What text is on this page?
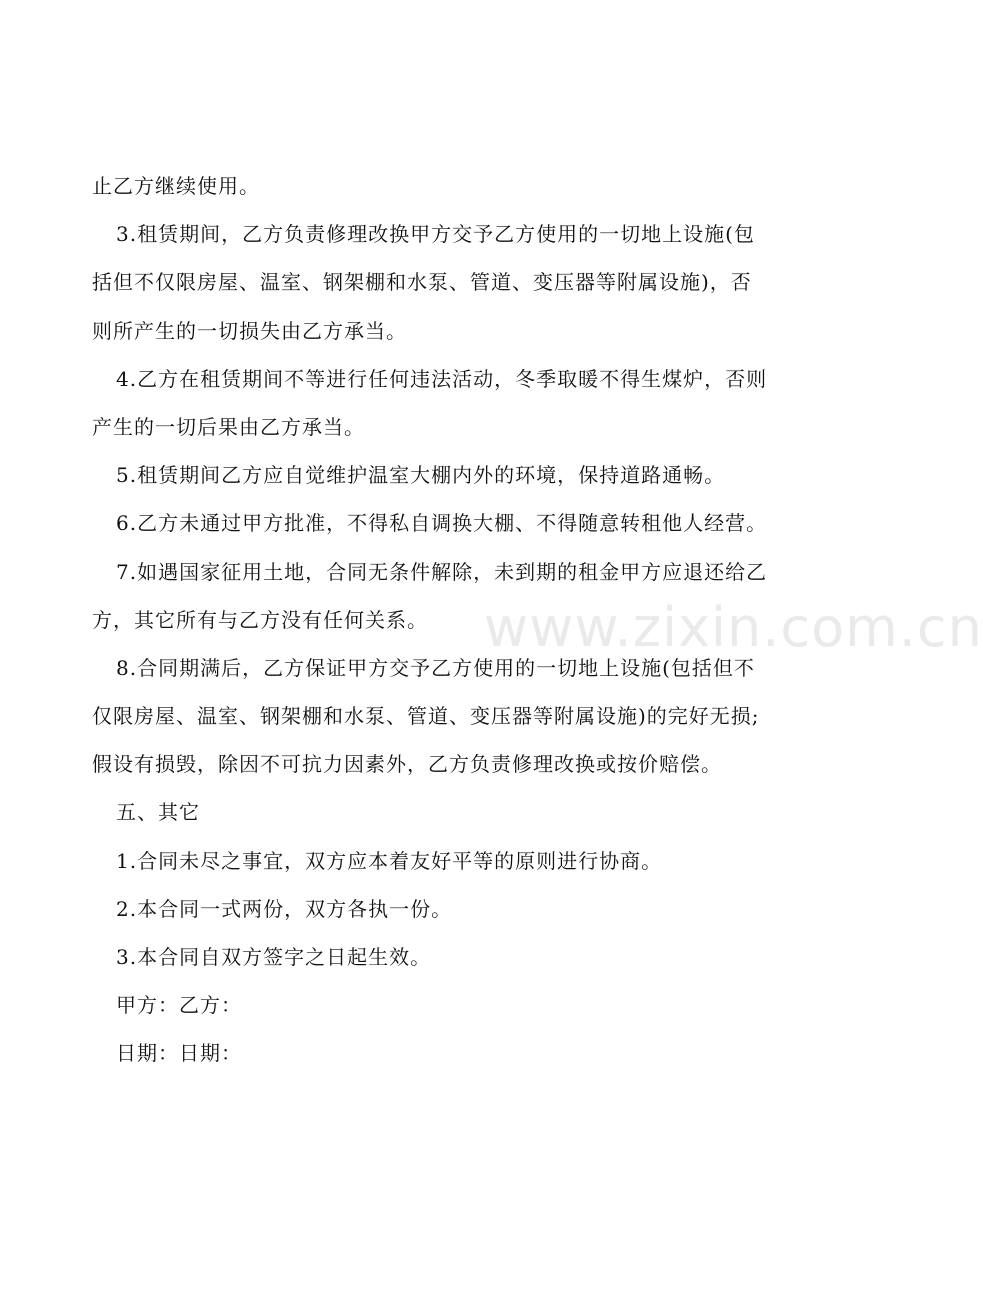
止乙方继续使用。
3.租赁期间，乙方负责修理改换甲方交予乙方使用的一切地上设施(包
括但不仅限房屋、温室、钢架棚和水泵、管道、变压器等附属设施)，否
则所产生的一切损失由乙方承当。
4.乙方在租赁期间不等进行任何违法活动，冬季取暖不得生煤炉，否则
产生的一切后果由乙方承当。
5.租赁期间乙方应自觉维护温室大棚内外的环境，保持道路通畅。
6.乙方未通过甲方批准，不得私自调换大棚、不得随意转租他人经营。
7.如遇国家征用土地，合同无条件解除，未到期的租金甲方应退还给乙
方，其它所有与乙方没有任何关系。
8.合同期满后，乙方保证甲方交予乙方使用的一切地上设施(包括但不
仅限房屋、温室、钢架棚和水泵、管道、变压器等附属设施)的完好无损;
假设有损毁，除因不可抗力因素外，乙方负责修理改换或按价赔偿。
五、其它
1.合同未尽之事宜，双方应本着友好平等的原则进行协商。
2.本合同一式两份，双方各执一份。
3.本合同自双方签字之日起生效。
甲方：乙方：
日期：日期：
www.zixin.com.cn
